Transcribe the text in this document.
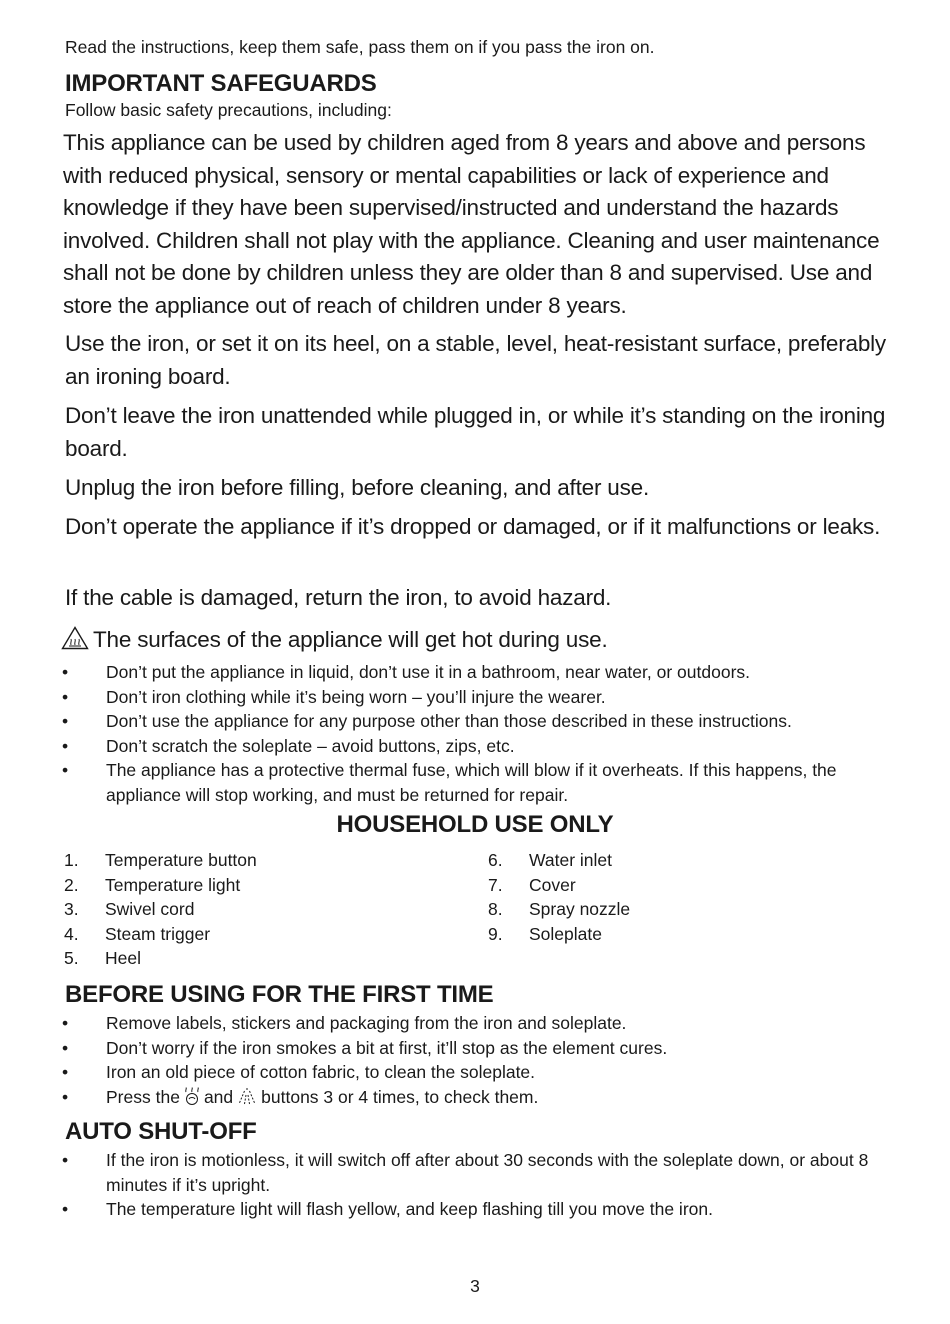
Read the instructions, keep them safe, pass them on if you pass the iron on.
IMPORTANT SAFEGUARDS
Follow basic safety precautions, including:

This appliance can be used by children aged from 8 years and above and persons with reduced physical, sensory or mental capabilities or lack of experience and knowledge if they have been supervised/instructed and understand the hazards involved. Children shall not play with the appliance. Cleaning and user maintenance shall not be done by children unless they are older than 8 and supervised. Use and store the appliance out of reach of children under 8 years.

Use the iron, or set it on its heel, on a stable, level, heat-resistant surface, preferably an ironing board.

Don’t leave the iron unattended while plugged in, or while it’s standing on the ironing board.

Unplug the iron before filling, before cleaning, and after use.

Don’t operate the appliance if it’s dropped or damaged, or if it malfunctions or leaks.

If the cable is damaged, return the iron, to avoid hazard.

The surfaces of the appliance will get hot during use.

• Don’t put the appliance in liquid, don’t use it in a bathroom, near water, or outdoors.
• Don’t iron clothing while it’s being worn – you’ll injure the wearer.
• Don’t use the appliance for any purpose other than those described in these instructions.
• Don’t scratch the soleplate – avoid buttons, zips, etc.
• The appliance has a protective thermal fuse, which will blow if it overheats. If this happens, the appliance will stop working, and must be returned for repair.
HOUSEHOLD USE ONLY
1. Temperature button
2. Temperature light
3. Swivel cord
4. Steam trigger
5. Heel
6. Water inlet
7. Cover
8. Spray nozzle
9. Soleplate
BEFORE USING FOR THE FIRST TIME
• Remove labels, stickers and packaging from the iron and soleplate.
• Don’t worry if the iron smokes a bit at first, it’ll stop as the element cures.
• Iron an old piece of cotton fabric, to clean the soleplate.
• Press the and buttons 3 or 4 times, to check them.
AUTO SHUT-OFF
• If the iron is motionless, it will switch off after about 30 seconds with the soleplate down, or about 8 minutes if it’s upright.
• The temperature light will flash yellow, and keep flashing till you move the iron.
3
